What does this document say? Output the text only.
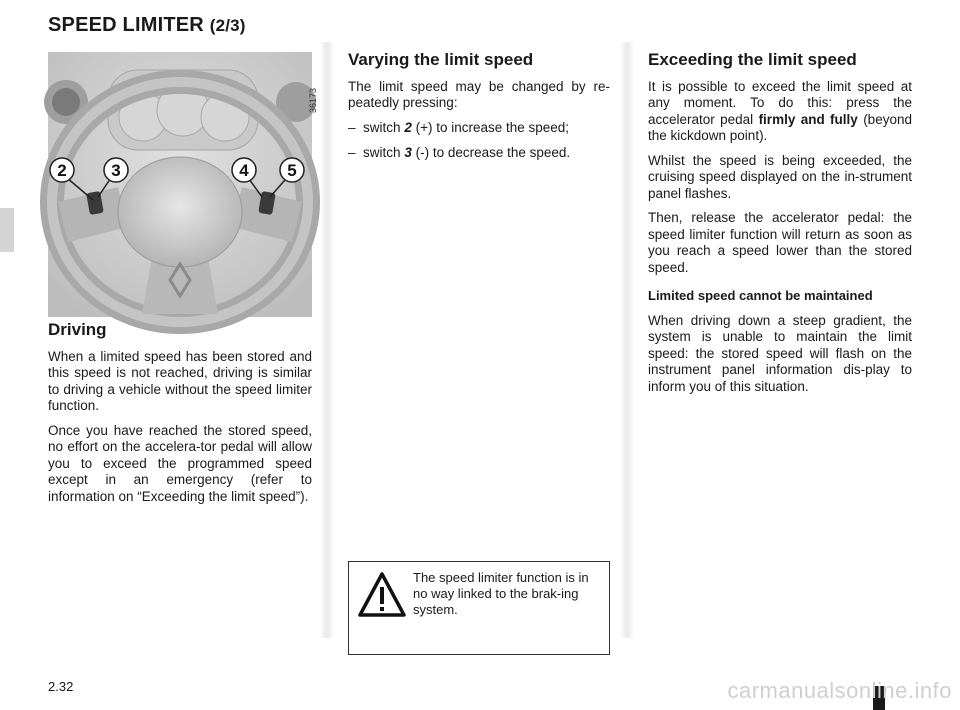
SPEED LIMITER (2/3)
2	3	4 5
36173
Driving

When a limited speed has been stored and this speed is not reached, driving is similar to driving a vehicle without the speed limiter function.

Once you have reached the stored speed, no effort on the accelera-tor pedal will allow you to exceed the programmed speed except in an emergency (refer to information on “Exceeding the limit speed”).

Varying the limit speed

The limit speed may be changed by re-peatedly pressing:

– switch 2 (+) to increase the speed;
– switch 3 (-) to decrease the speed.
The speed limiter function is in no way linked to the brak-ing system.
Exceeding the limit speed

It is possible to exceed the limit speed at any moment. To do this: press the accelerator pedal firmly and fully (beyond the kickdown point).

Whilst the speed is being exceeded, the cruising speed displayed on the in-strument panel flashes.

Then, release the accelerator pedal: the speed limiter function will return as soon as you reach a speed lower than the stored speed.

Limited speed cannot be maintained

When driving down a steep gradient, the system is unable to maintain the limit speed: the stored speed will flash on the instrument panel information dis-play to inform you of this situation.

2.32	carmanualsonline.info
